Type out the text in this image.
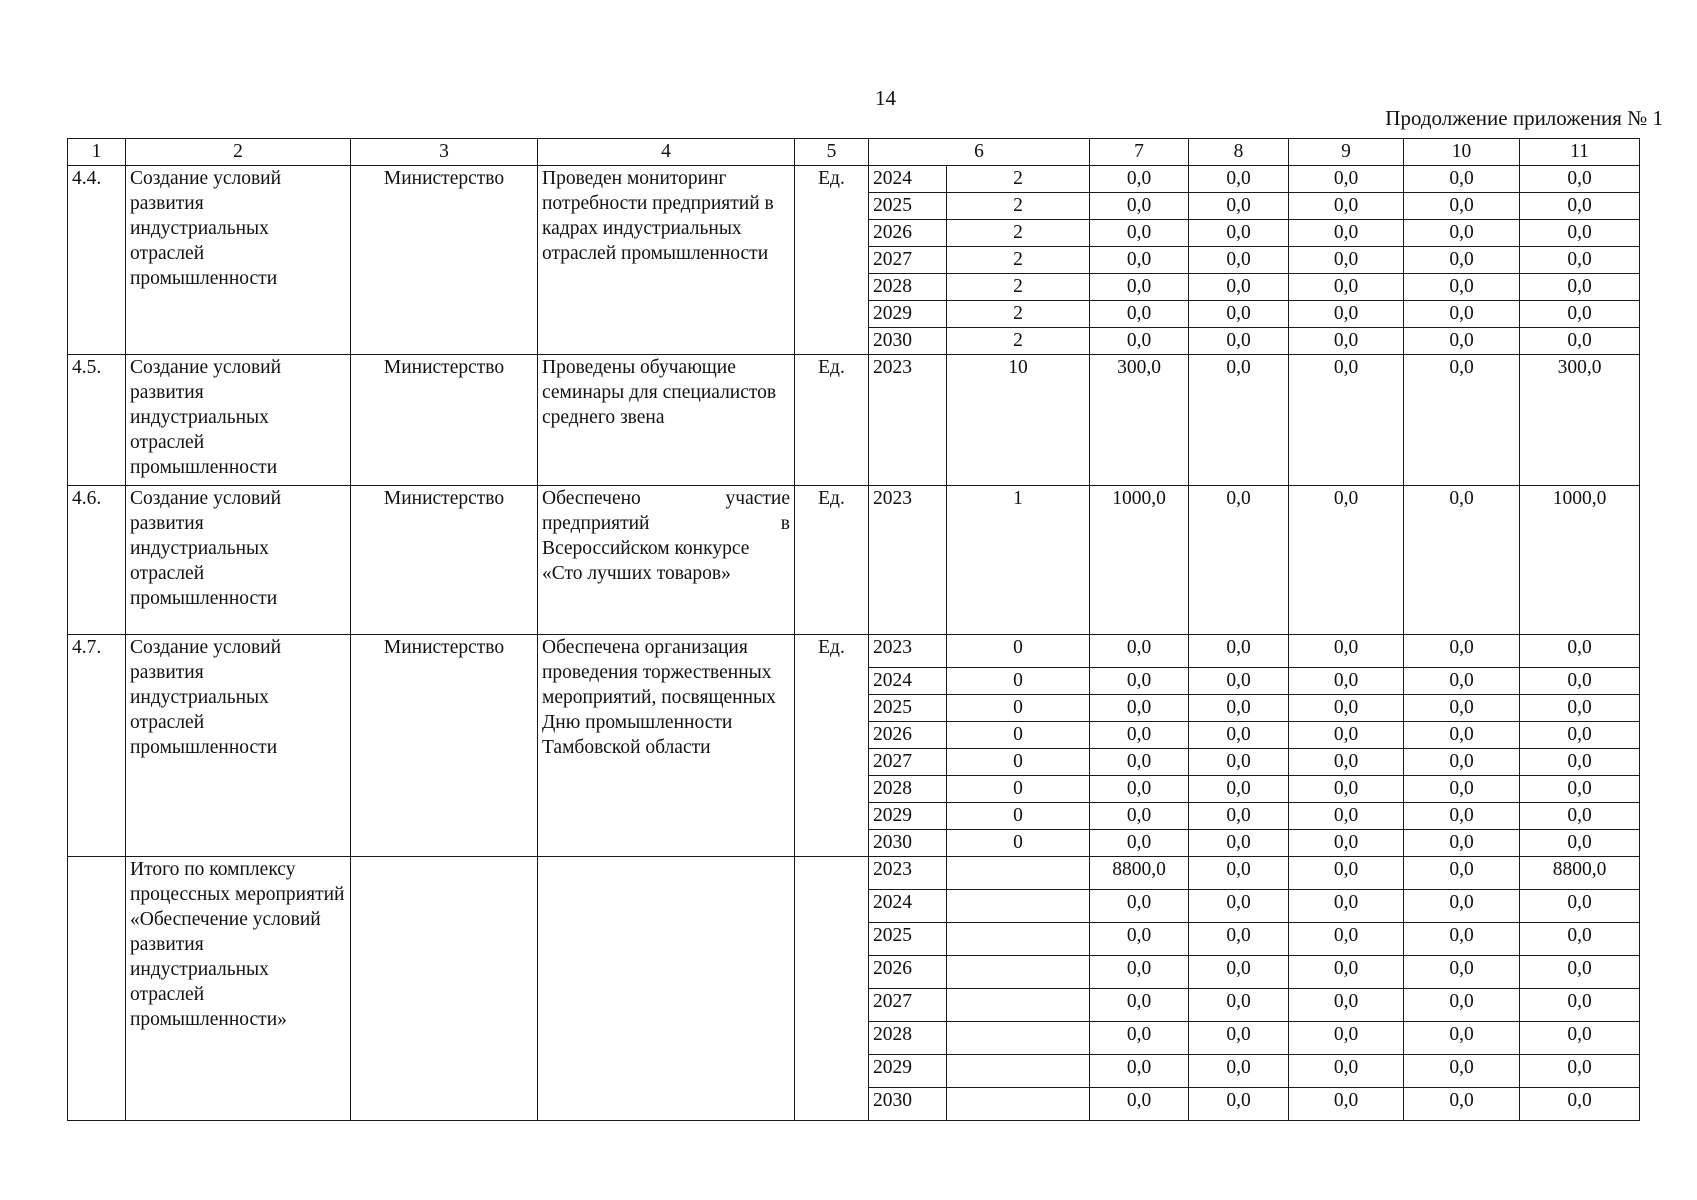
14
Продолжение приложения № 1
1	2	3	4	5	6		7	8	9	10	11
4.4.	Создание условий развития индустриальных отраслей промышленности	Министерство	Проведен мониторинг потребности предприятий в кадрах индустриальных отраслей промышленности	Ед.	2024	2	0,0	0,0	0,0	0,0	0,0
					2025	2	0,0	0,0	0,0	0,0	0,0
					2026	2	0,0	0,0	0,0	0,0	0,0
					2027	2	0,0	0,0	0,0	0,0	0,0
					2028	2	0,0	0,0	0,0	0,0	0,0
					2029	2	0,0	0,0	0,0	0,0	0,0
					2030	2	0,0	0,0	0,0	0,0	0,0
4.5.	Создание условий развития индустриальных отраслей промышленности	Министерство	Проведены обучающие семинары для специалистов среднего звена	Ед.	2023	10	300,0	0,0	0,0	0,0	300,0
4.6.	Создание условий развития индустриальных отраслей промышленности	Министерство	Обеспечено участие
предприятий в
Всероссийском конкурсе «Сто лучших товаров»	Ед.	2023	1	1000,0	0,0	0,0	0,0	1000,0
4.7.	Создание условий развития индустриальных отраслей промышленности	Министерство	Обеспечена организация проведения торжественных мероприятий, посвященных Дню промышленности Тамбовской области	Ед.	2023	0	0,0	0,0	0,0	0,0	0,0
					2024	0	0,0	0,0	0,0	0,0	0,0
					2025	0	0,0	0,0	0,0	0,0	0,0
					2026	0	0,0	0,0	0,0	0,0	0,0
					2027	0	0,0	0,0	0,0	0,0	0,0
					2028	0	0,0	0,0	0,0	0,0	0,0
					2029	0	0,0	0,0	0,0	0,0	0,0
					2030	0	0,0	0,0	0,0	0,0	0,0
	Итого по комплексу процессных мероприятий «Обеспечение условий развития индустриальных отраслей промышленности»				2023		8800,0	0,0	0,0	0,0	8800,0
					2024		0,0	0,0	0,0	0,0	0,0
					2025		0,0	0,0	0,0	0,0	0,0
					2026		0,0	0,0	0,0	0,0	0,0
					2027		0,0	0,0	0,0	0,0	0,0
					2028		0,0	0,0	0,0	0,0	0,0
					2029		0,0	0,0	0,0	0,0	0,0
					2030		0,0	0,0	0,0	0,0	0,0
